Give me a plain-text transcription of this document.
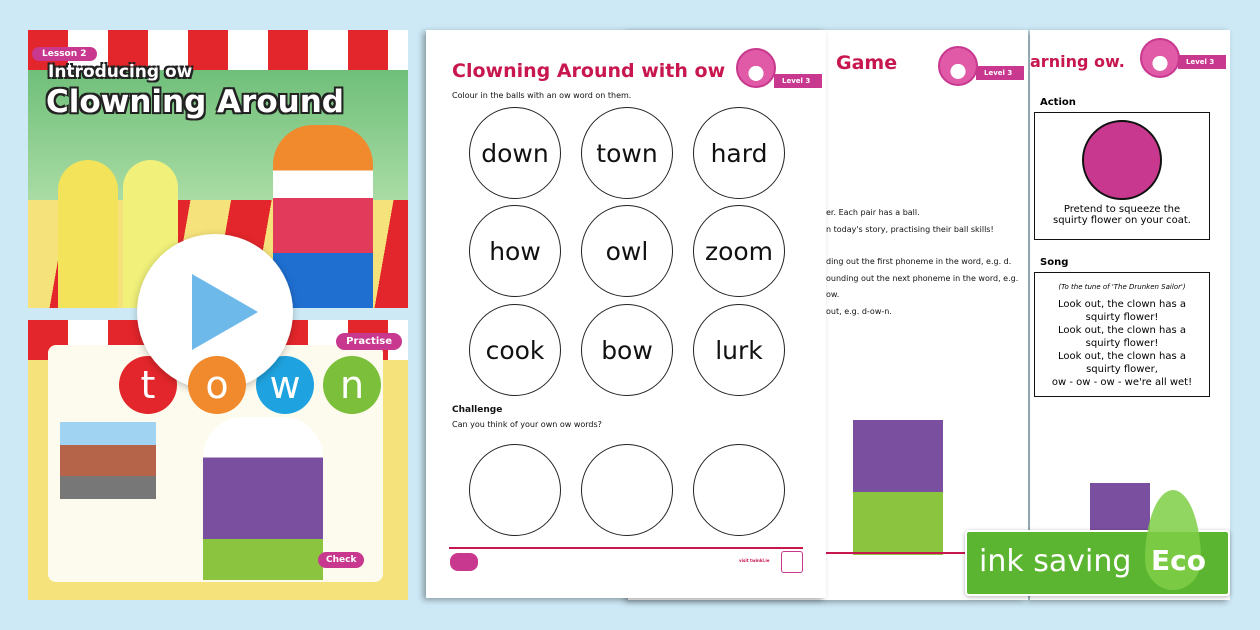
Lesson 2
Introducing ow
Clowning Around
Practise
t	o	w	n
Check
arning ow.	Level 3
Action
Pretend to squeeze the squirty flower on your coat.
Song
(To the tune of 'The Drunken Sailor')
Look out, the clown has a
squirty flower!
Look out, the clown has a
squirty flower!
Look out, the clown has a
squirty flower,
ow - ow - ow - we're all wet!
Game	Level 3
er. Each pair has a ball.
n today's story, practising their ball skills!
ding out the first phoneme in the word, e.g. d.
ounding out the next phoneme in the word, e.g. ow.
out, e.g. d-ow-n.
Clowning Around with ow	Level 3
Colour in the balls with an ow word on them.
down	town	hard
how	owl	zoom
cook	bow	lurk
Challenge
Can you think of your own ow words?
visit twinkl.ie	ink saving Eco
